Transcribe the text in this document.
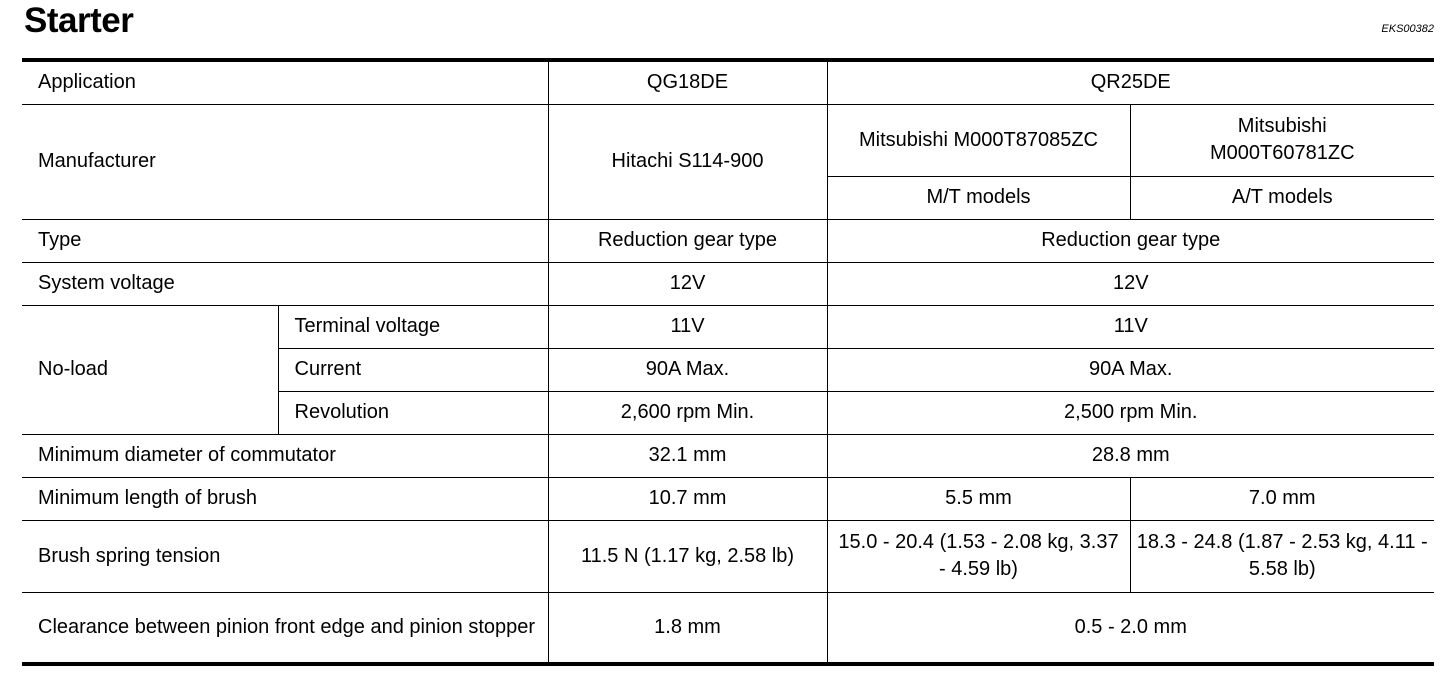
Starter	EKS00382
Application		QG18DE	QR25DE	
Manufacturer		Hitachi S114-900	Mitsubishi M000T87085ZC	Mitsubishi M000T60781ZC
			M/T models	A/T models
Type		Reduction gear type	Reduction gear type	
System voltage		12V	12V	
No-load	Terminal voltage	11V	11V	
	Current	90A Max.	90A Max.	
	Revolution	2,600 rpm Min.	2,500 rpm Min.	
Minimum diameter of commutator		32.1 mm	28.8 mm	
Minimum length of brush		10.7 mm	5.5 mm	7.0 mm
Brush spring tension		11.5 N (1.17 kg, 2.58 lb)	15.0 - 20.4 (1.53 - 2.08 kg, 3.37 - 4.59 lb)	18.3 - 24.8 (1.87 - 2.53 kg, 4.11 - 5.58 lb)
Clearance between pinion front edge and pinion stopper		1.8 mm	0.5 - 2.0 mm	
